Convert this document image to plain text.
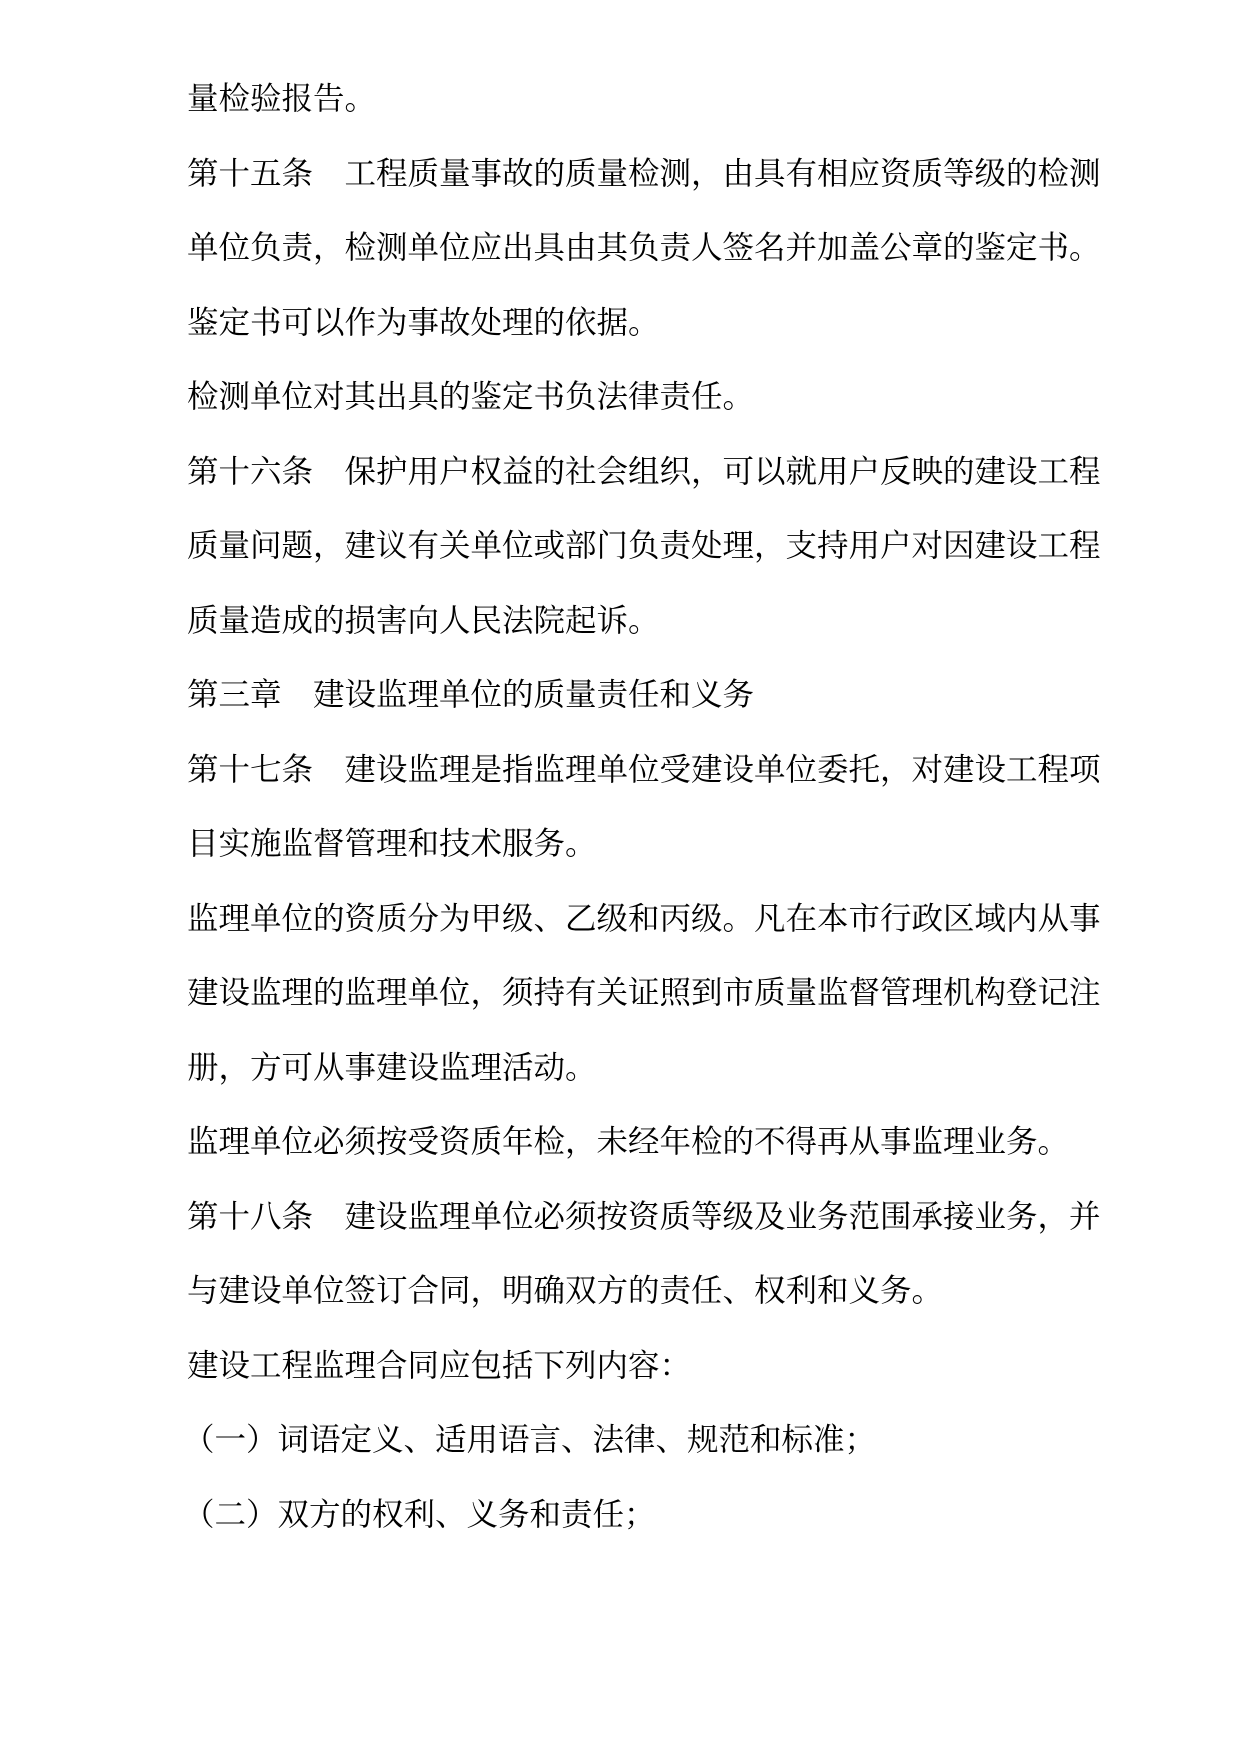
量检验报告。
第十五条　工程质量事故的质量检测，由具有相应资质等级的检测
单位负责，检测单位应出具由其负责人签名并加盖公章的鉴定书。
鉴定书可以作为事故处理的依据。
检测单位对其出具的鉴定书负法律责任。
第十六条　保护用户权益的社会组织，可以就用户反映的建设工程
质量问题，建议有关单位或部门负责处理，支持用户对因建设工程
质量造成的损害向人民法院起诉。
第三章　建设监理单位的质量责任和义务
第十七条　建设监理是指监理单位受建设单位委托，对建设工程项
目实施监督管理和技术服务。
监理单位的资质分为甲级、乙级和丙级。凡在本市行政区域内从事
建设监理的监理单位，须持有关证照到市质量监督管理机构登记注
册，方可从事建设监理活动。
监理单位必须按受资质年检，未经年检的不得再从事监理业务。
第十八条　建设监理单位必须按资质等级及业务范围承接业务，并
与建设单位签订合同，明确双方的责任、权利和义务。
建设工程监理合同应包括下列内容：
（一）词语定义、适用语言、法律、规范和标准；
（二）双方的权利、义务和责任；
